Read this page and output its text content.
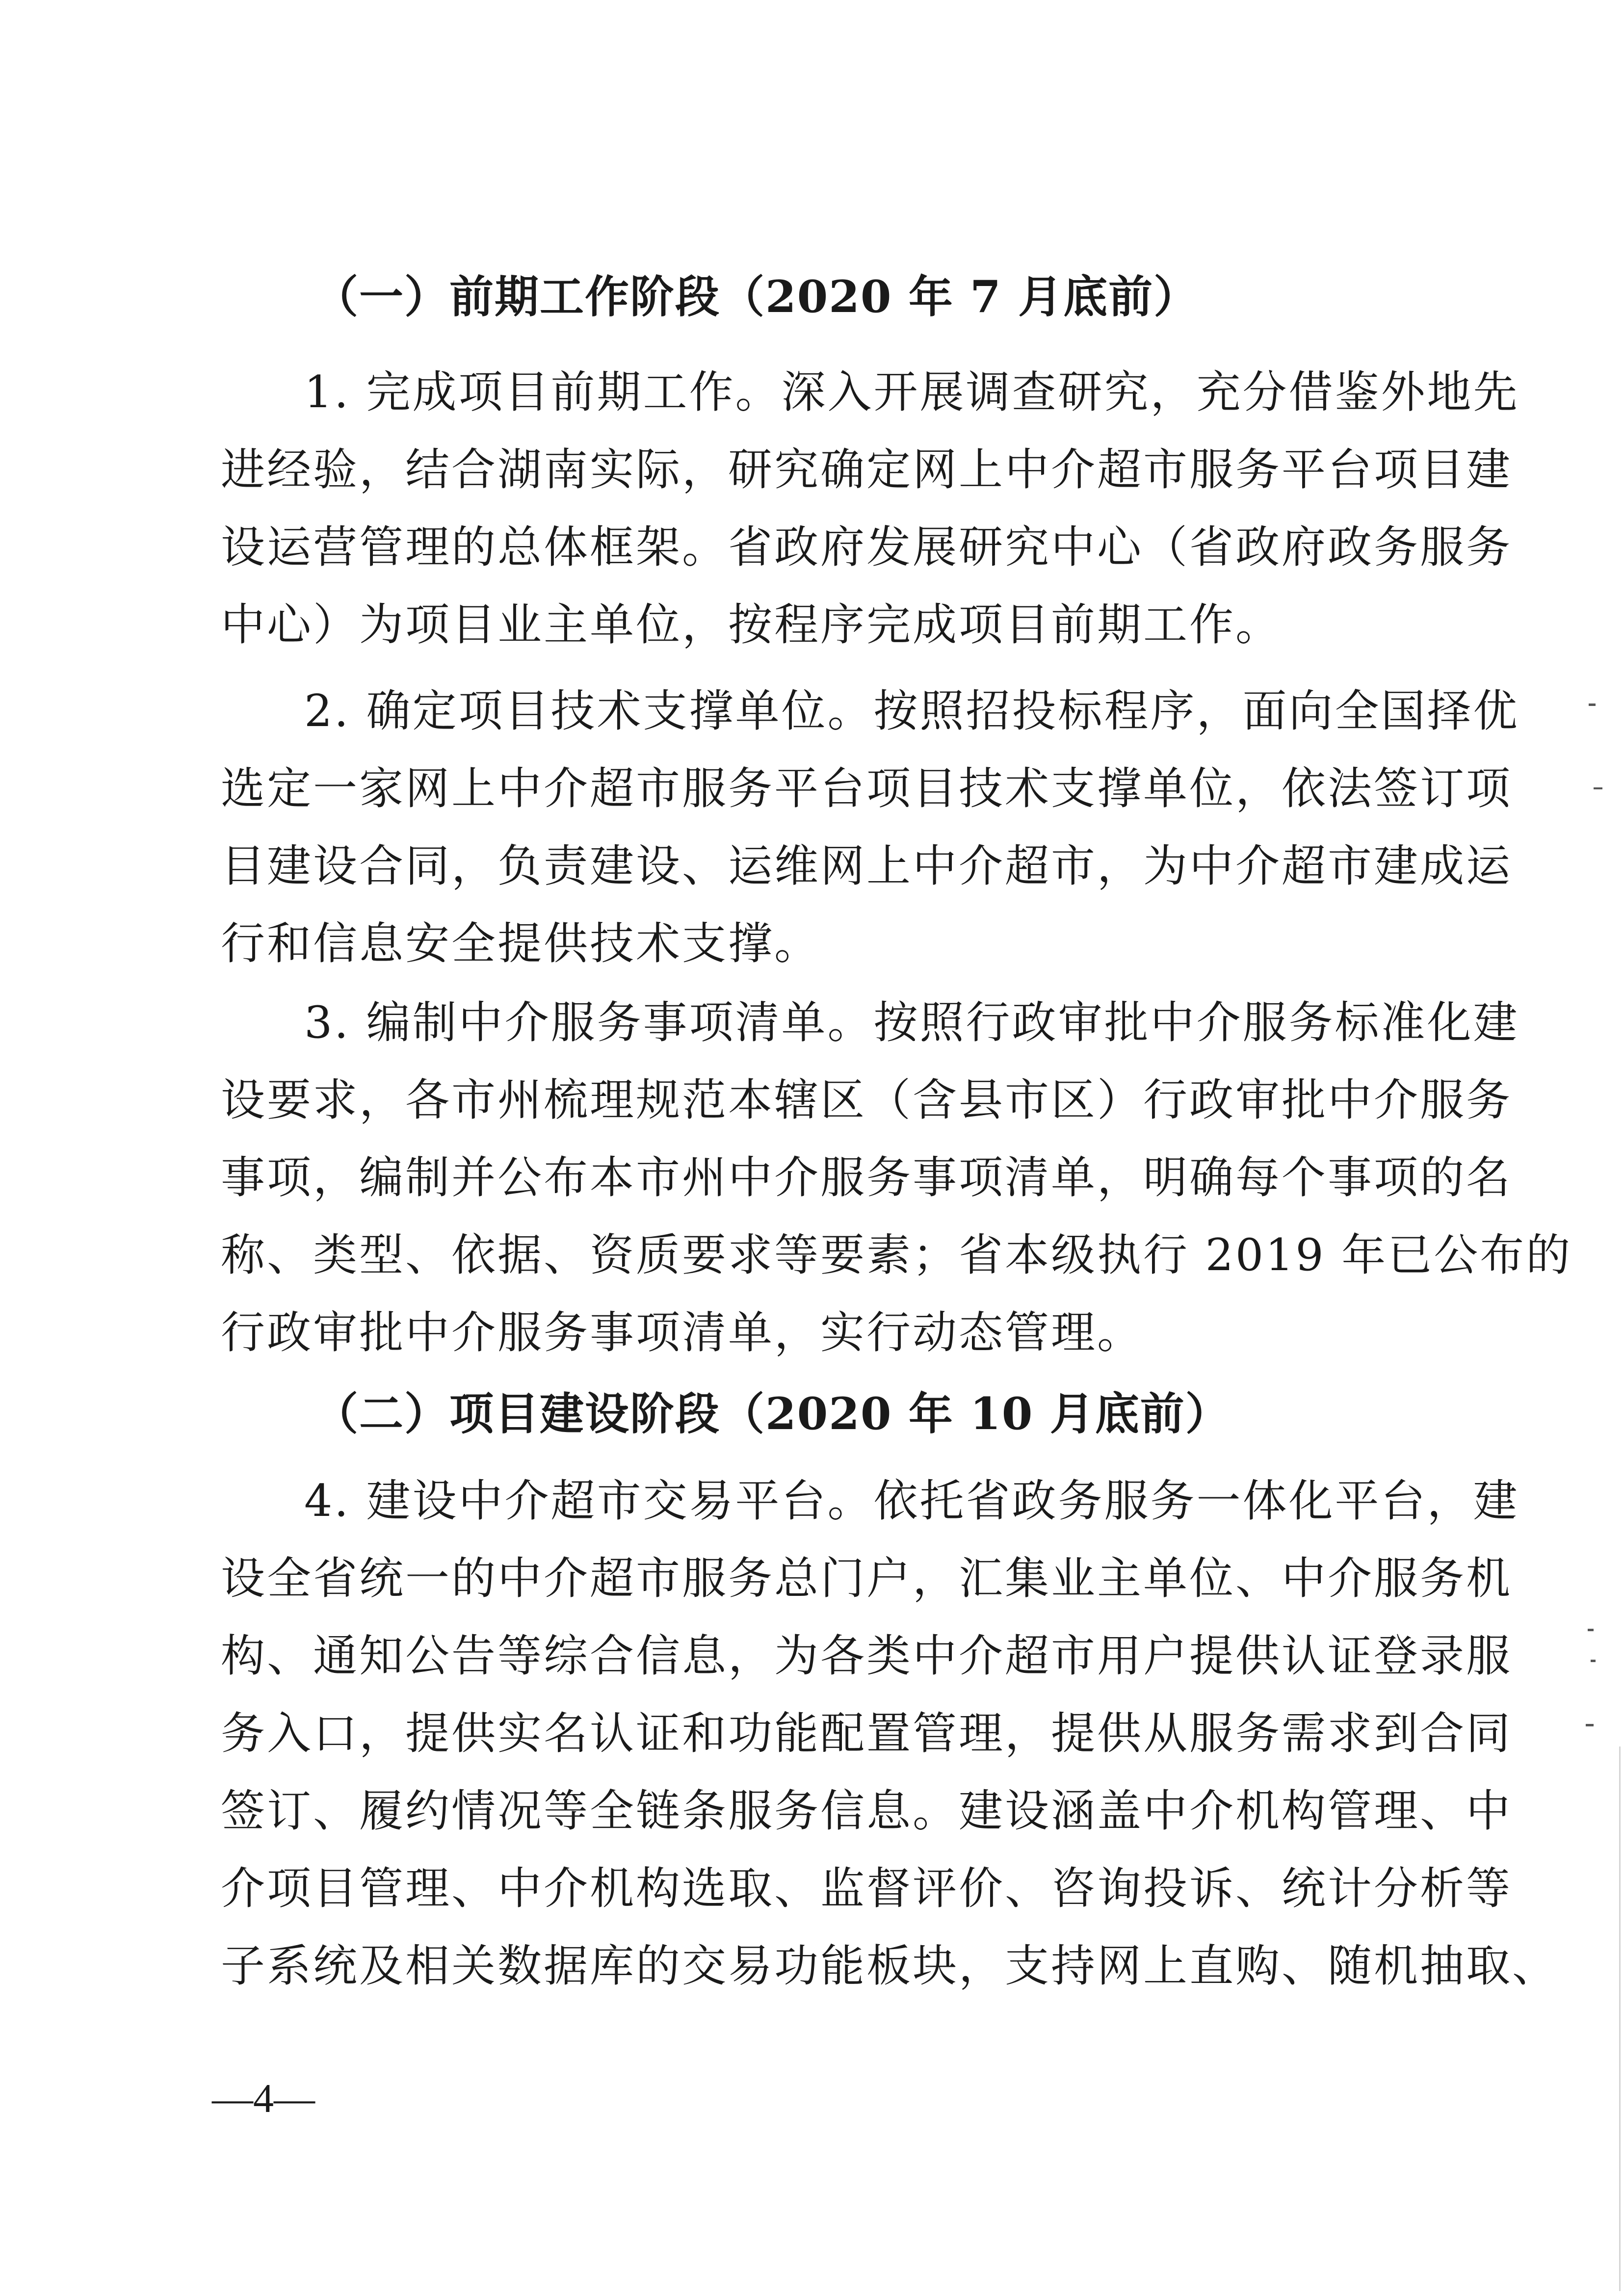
（一）前期工作阶段（2020 年 7 月底前）
1. 完成项目前期工作。深入开展调查研究，充分借鉴外地先
进经验，结合湖南实际，研究确定网上中介超市服务平台项目建
设运营管理的总体框架。省政府发展研究中心（省政府政务服务
中心）为项目业主单位，按程序完成项目前期工作。
2. 确定项目技术支撑单位。按照招投标程序，面向全国择优
选定一家网上中介超市服务平台项目技术支撑单位，依法签订项
目建设合同，负责建设、运维网上中介超市，为中介超市建成运
行和信息安全提供技术支撑。
3. 编制中介服务事项清单。按照行政审批中介服务标准化建
设要求，各市州梳理规范本辖区（含县市区）行政审批中介服务
事项，编制并公布本市州中介服务事项清单，明确每个事项的名
称、类型、依据、资质要求等要素；省本级执行 2019 年已公布的
行政审批中介服务事项清单，实行动态管理。
（二）项目建设阶段（2020 年 10 月底前）
4. 建设中介超市交易平台。依托省政务服务一体化平台，建
设全省统一的中介超市服务总门户，汇集业主单位、中介服务机
构、通知公告等综合信息，为各类中介超市用户提供认证登录服
务入口，提供实名认证和功能配置管理，提供从服务需求到合同
签订、履约情况等全链条服务信息。建设涵盖中介机构管理、中
介项目管理、中介机构选取、监督评价、咨询投诉、统计分析等
子系统及相关数据库的交易功能板块，支持网上直购、随机抽取、
—4—
